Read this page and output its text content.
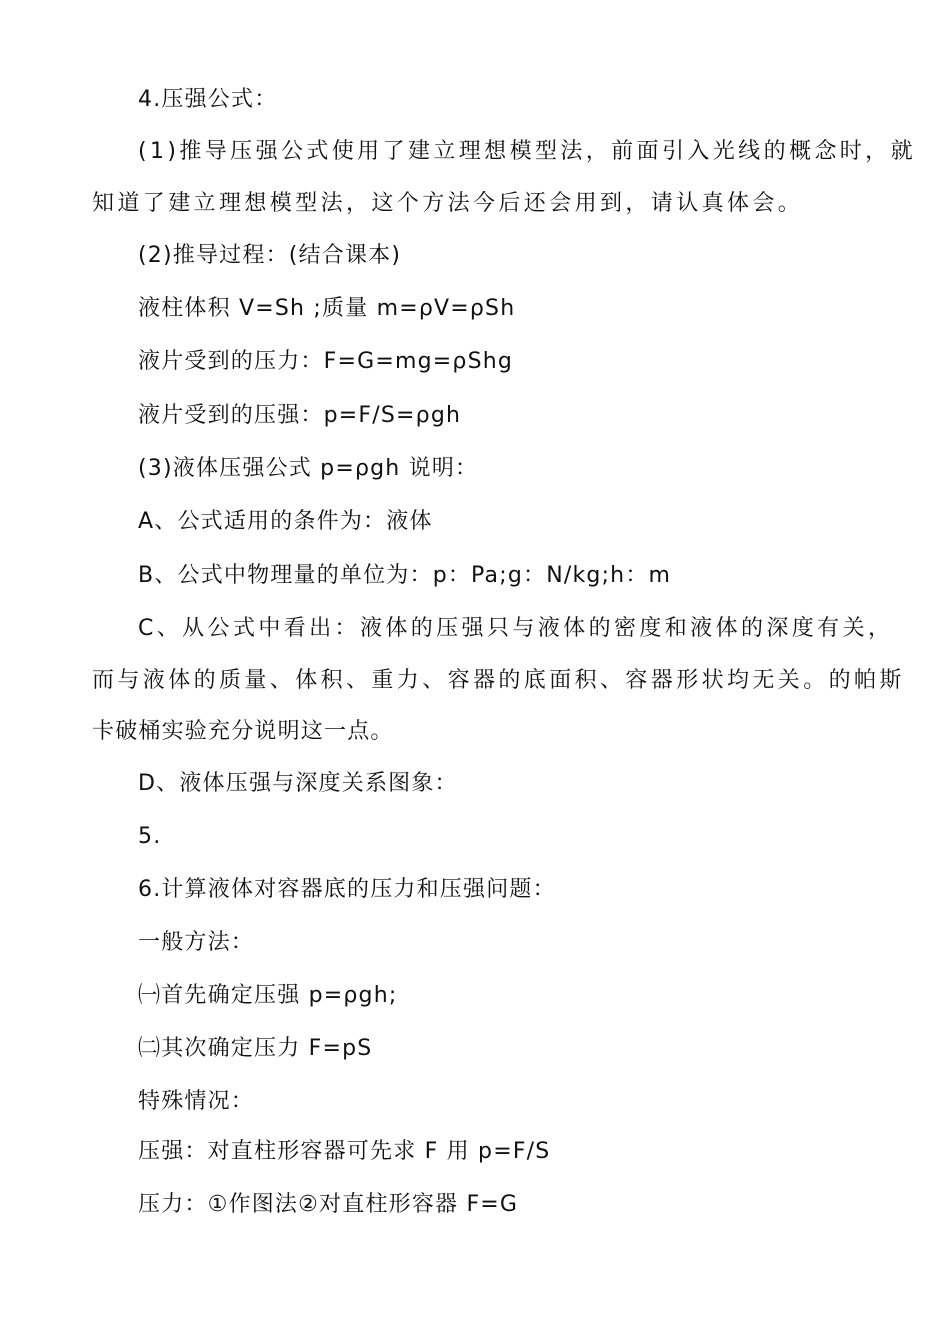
4.压强公式：
(1)推导压强公式使用了建立理想模型法，前面引入光线的概念时，就
知道了建立理想模型法，这个方法今后还会用到，请认真体会。
(2)推导过程：(结合课本)
液柱体积 V=Sh ;质量 m=ρV=ρSh
液片受到的压力：F=G=mg=ρShg
液片受到的压强：p=F/S=ρgh
(3)液体压强公式 p=ρgh 说明：
A、公式适用的条件为：液体
B、公式中物理量的单位为：p：Pa;g：N/kg;h：m
C、从公式中看出：液体的压强只与液体的密度和液体的深度有关，
而与液体的质量、体积、重力、容器的底面积、容器形状均无关。的帕斯
卡破桶实验充分说明这一点。
D、液体压强与深度关系图象：
5.
6.计算液体对容器底的压力和压强问题：
一般方法：
㈠首先确定压强 p=ρgh;
㈡其次确定压力 F=pS
特殊情况：
压强：对直柱形容器可先求 F 用 p=F/S
压力：①作图法②对直柱形容器 F=G
